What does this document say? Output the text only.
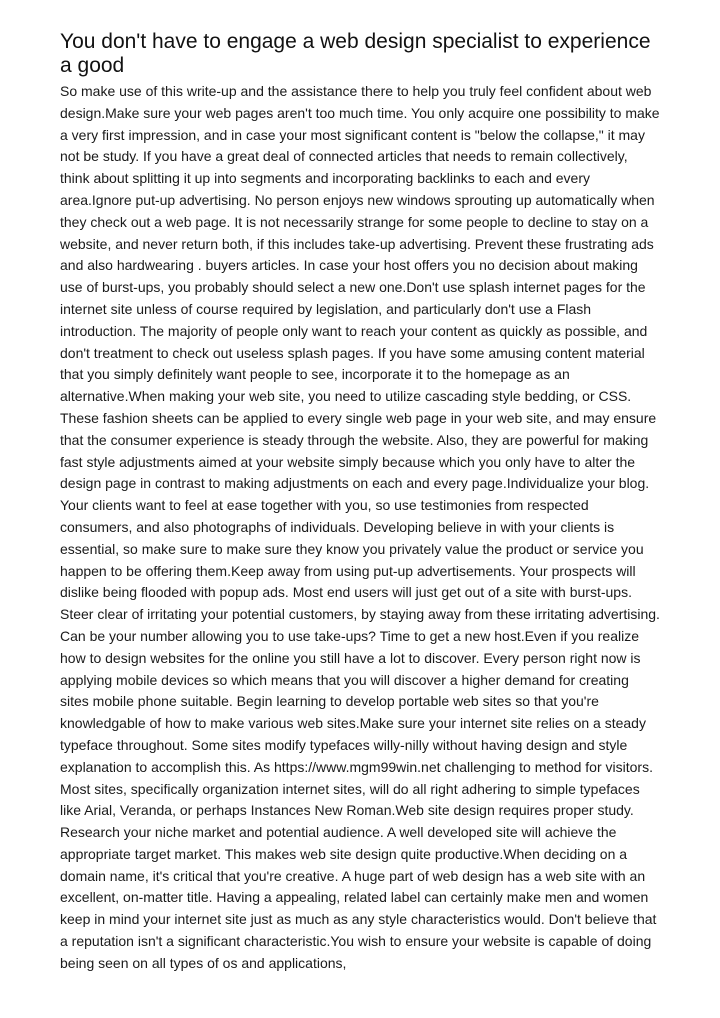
You don't have to engage a web design specialist to experience a good

So make use of this write-up and the assistance there to help you truly feel confident about web design.Make sure your web pages aren't too much time. You only acquire one possibility to make a very first impression, and in case your most significant content is "below the collapse," it may not be study. If you have a great deal of connected articles that needs to remain collectively, think about splitting it up into segments and incorporating backlinks to each and every area.Ignore put-up advertising. No person enjoys new windows sprouting up automatically when they check out a web page. It is not necessarily strange for some people to decline to stay on a website, and never return both, if this includes take-up advertising. Prevent these frustrating ads and also hardwearing . buyers articles. In case your host offers you no decision about making use of burst-ups, you probably should select a new one.Don't use splash internet pages for the internet site unless of course required by legislation, and particularly don't use a Flash introduction. The majority of people only want to reach your content as quickly as possible, and don't treatment to check out useless splash pages. If you have some amusing content material that you simply definitely want people to see, incorporate it to the homepage as an alternative.When making your web site, you need to utilize cascading style bedding, or CSS. These fashion sheets can be applied to every single web page in your web site, and may ensure that the consumer experience is steady through the website. Also, they are powerful for making fast style adjustments aimed at your website simply because which you only have to alter the design page in contrast to making adjustments on each and every page.Individualize your blog. Your clients want to feel at ease together with you, so use testimonies from respected consumers, and also photographs of individuals. Developing believe in with your clients is essential, so make sure to make sure they know you privately value the product or service you happen to be offering them.Keep away from using put-up advertisements. Your prospects will dislike being flooded with popup ads. Most end users will just get out of a site with burst-ups. Steer clear of irritating your potential customers, by staying away from these irritating advertising. Can be your number allowing you to use take-ups? Time to get a new host.Even if you realize how to design websites for the online you still have a lot to discover. Every person right now is applying mobile devices so which means that you will discover a higher demand for creating sites mobile phone suitable. Begin learning to develop portable web sites so that you're knowledgable of how to make various web sites.Make sure your internet site relies on a steady typeface throughout. Some sites modify typefaces willy-nilly without having design and style explanation to accomplish this. As https://www.mgm99win.net challenging to method for visitors. Most sites, specifically organization internet sites, will do all right adhering to simple typefaces like Arial, Veranda, or perhaps Instances New Roman.Web site design requires proper study. Research your niche market and potential audience. A well developed site will achieve the appropriate target market. This makes web site design quite productive.When deciding on a domain name, it's critical that you're creative. A huge part of web design has a web site with an excellent, on-matter title. Having a appealing, related label can certainly make men and women keep in mind your internet site just as much as any style characteristics would. Don't believe that a reputation isn't a significant characteristic.You wish to ensure your website is capable of doing being seen on all types of os and applications,
